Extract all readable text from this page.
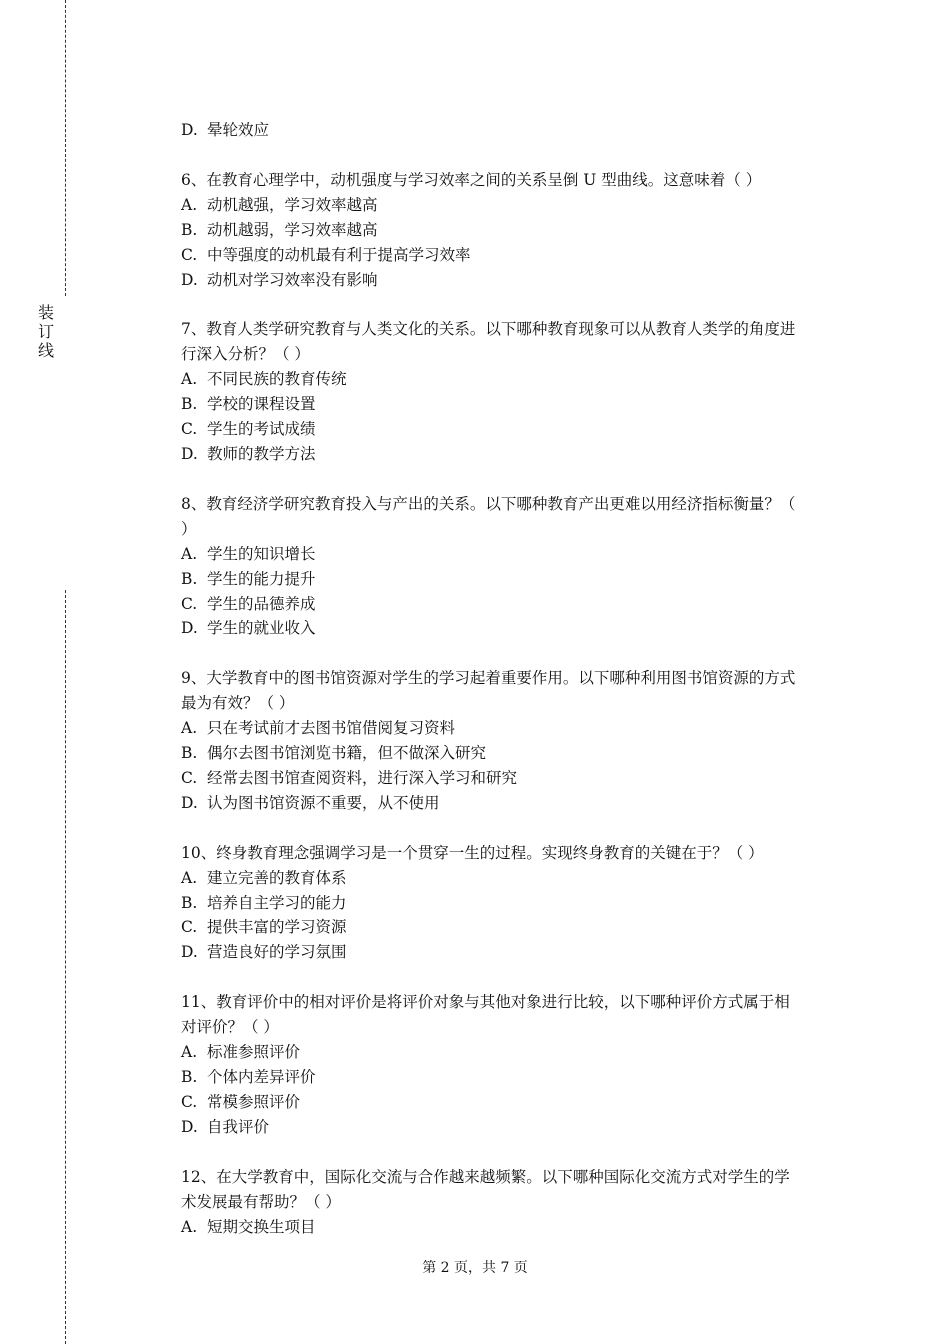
装
订
线
D. 晕轮效应
6、在教育心理学中，动机强度与学习效率之间的关系呈倒 U 型曲线。这意味着（ ）
A. 动机越强，学习效率越高
B. 动机越弱，学习效率越高
C. 中等强度的动机最有利于提高学习效率
D. 动机对学习效率没有影响
7、教育人类学研究教育与人类文化的关系。以下哪种教育现象可以从教育人类学的角度进
行深入分析？（ ）
A. 不同民族的教育传统
B. 学校的课程设置
C. 学生的考试成绩
D. 教师的教学方法
8、教育经济学研究教育投入与产出的关系。以下哪种教育产出更难以用经济指标衡量？（
）
A. 学生的知识增长
B. 学生的能力提升
C. 学生的品德养成
D. 学生的就业收入
9、大学教育中的图书馆资源对学生的学习起着重要作用。以下哪种利用图书馆资源的方式
最为有效？（ ）
A. 只在考试前才去图书馆借阅复习资料
B. 偶尔去图书馆浏览书籍，但不做深入研究
C. 经常去图书馆查阅资料，进行深入学习和研究
D. 认为图书馆资源不重要，从不使用
10、终身教育理念强调学习是一个贯穿一生的过程。实现终身教育的关键在于？（ ）
A. 建立完善的教育体系
B. 培养自主学习的能力
C. 提供丰富的学习资源
D. 营造良好的学习氛围
11、教育评价中的相对评价是将评价对象与其他对象进行比较，以下哪种评价方式属于相
对评价？（ ）
A. 标准参照评价
B. 个体内差异评价
C. 常模参照评价
D. 自我评价
12、在大学教育中，国际化交流与合作越来越频繁。以下哪种国际化交流方式对学生的学
术发展最有帮助？（ ）
A. 短期交换生项目
第 2 页，共 7 页
